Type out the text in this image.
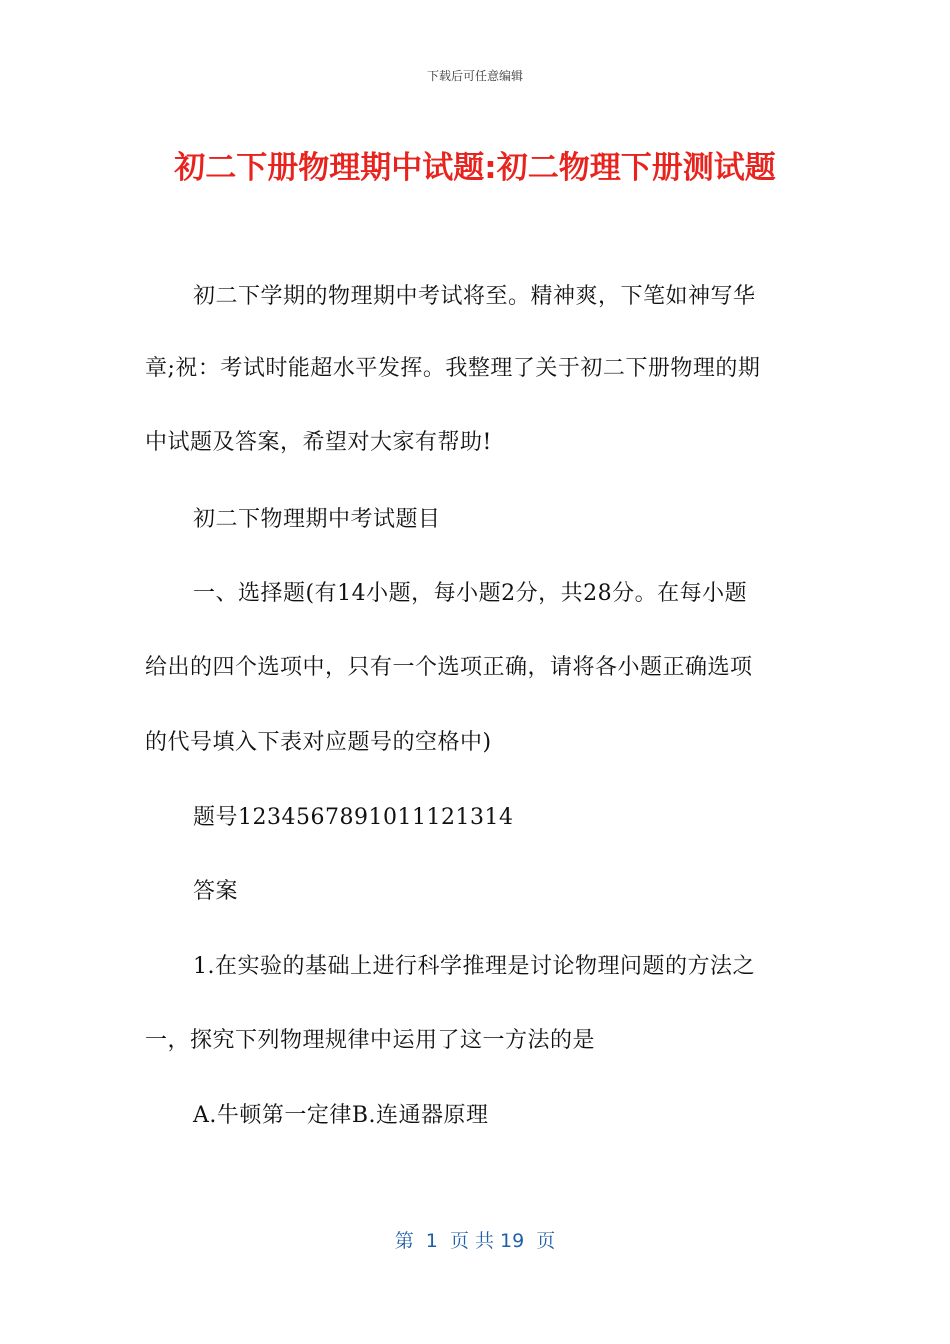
下载后可任意编辑
初二下册物理期中试题:初二物理下册测试题
初二下学期的物理期中考试将至。精神爽，下笔如神写华
章;祝：考试时能超水平发挥。我整理了关于初二下册物理的期
中试题及答案，希望对大家有帮助!
初二下物理期中考试题目
一、选择题(有14小题，每小题2分，共28分。在每小题
给出的四个选项中，只有一个选项正确，请将各小题正确选项
的代号填入下表对应题号的空格中)
题号1234567891011121314
答案
1.在实验的基础上进行科学推理是讨论物理问题的方法之
一，探究下列物理规律中运用了这一方法的是
A.牛顿第一定律B.连通器原理
第  1  页 共 19  页
